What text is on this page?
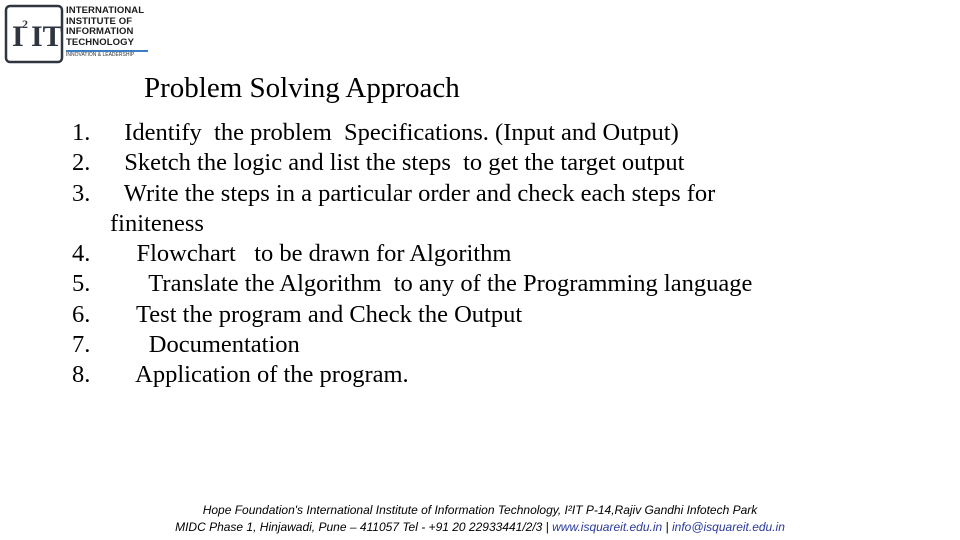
I
2 IT
INTERNATIONAL
INSTITUTE OF
INFORMATION
TECHNOLOGY
INNOVATION & LEADERSHIP
Problem Solving Approach
1. Identify  the problem  Specifications. (Input and Output)
2. Sketch the logic and list the steps  to get the target output
3. Write the steps in a particular order and check each steps for
finiteness
4. Flowchart   to be drawn for Algorithm
5. Translate the Algorithm  to any of the Programming language
6. Test the program and Check the Output
7. Documentation
8. Application of the program.
Hope Foundation's International Institute of Information Technology, I²IT P-14,Rajiv Gandhi Infotech Park
MIDC Phase 1, Hinjawadi, Pune – 411057 Tel - +91 20 22933441/2/3 | www.isquareit.edu.in | info@isquareit.edu.in
